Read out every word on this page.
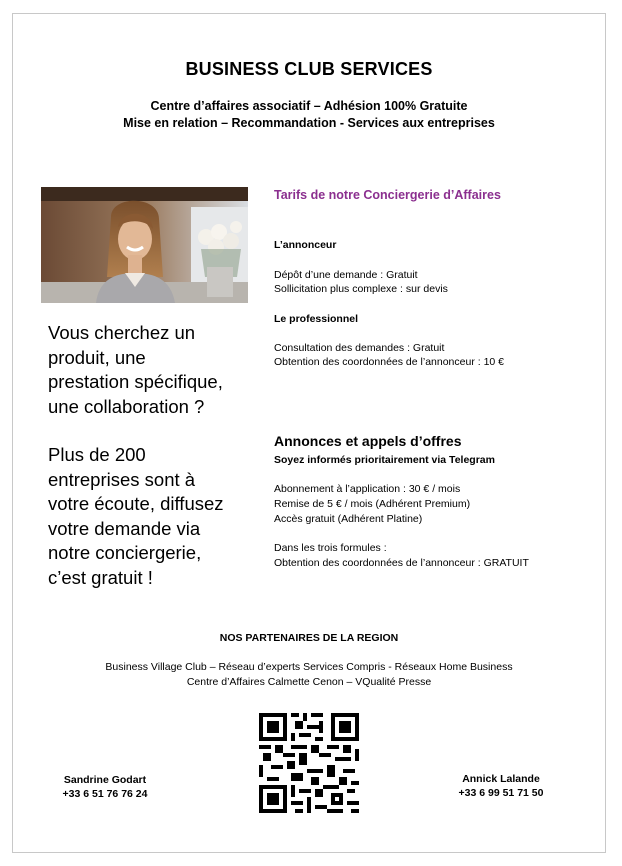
BUSINESS CLUB SERVICES
Centre d’affaires associatif – Adhésion 100% Gratuite
Mise en relation – Recommandation - Services aux entreprises
Vous cherchez un
produit, une
prestation spécifique,
une collaboration ?
Plus de 200
entreprises sont à
votre écoute, diffusez
votre demande via
notre conciergerie,
c’est gratuit !
Tarifs de notre Conciergerie d’Affaires
L’annonceur
Dépôt d’une demande : Gratuit
Sollicitation plus complexe : sur devis
Le professionnel
Consultation des demandes : Gratuit
Obtention des coordonnées de l’annonceur : 10 €
Annonces et appels d’offres
Soyez informés prioritairement via Telegram
Abonnement à l’application : 30 € / mois
Remise de 5 € / mois (Adhérent Premium)
Accès gratuit (Adhérent Platine)
Dans les trois formules :
Obtention des coordonnées de l’annonceur : GRATUIT
NOS PARTENAIRES DE LA REGION
Business Village Club – Réseau d’experts Services Compris - Réseaux Home Business
Centre d’Affaires Calmette Cenon – VQualité Presse
Sandrine Godart
+33 6 51 76 76 24
Annick Lalande
+33 6 99 51 71 50
